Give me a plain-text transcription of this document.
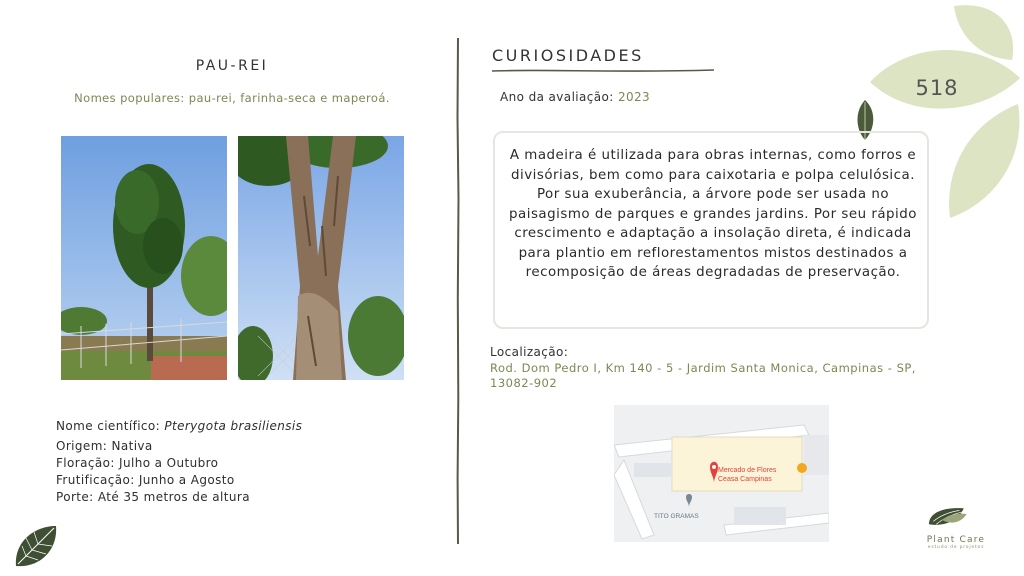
PAU-REI
Nomes populares: pau-rei, farinha-seca e maperoá.
Nome científico: Pterygota brasiliensis
Origem: Nativa
Floração: Julho a Outubro
Frutificação: Junho a Agosto
Porte: Até 35 metros de altura
CURIOSIDADES
Ano da avaliação: 2023
A madeira é utilizada para obras internas, como forros e divisórias, bem como para caixotaria e polpa celulósica. Por sua exuberância, a árvore pode ser usada no paisagismo de parques e grandes jardins. Por seu rápido crescimento e adaptação a insolação direta, é indicada para plantio em reflorestamentos mistos destinados a recomposição de áreas degradadas de preservação.
Localização:
Rod. Dom Pedro I, Km 140 - 5 - Jardim Santa Monica, Campinas - SP, 13082-902
Mercado de Flores
Ceasa Campinas
TITO GRAMAS
518
Plant Care
estudo de projetos
